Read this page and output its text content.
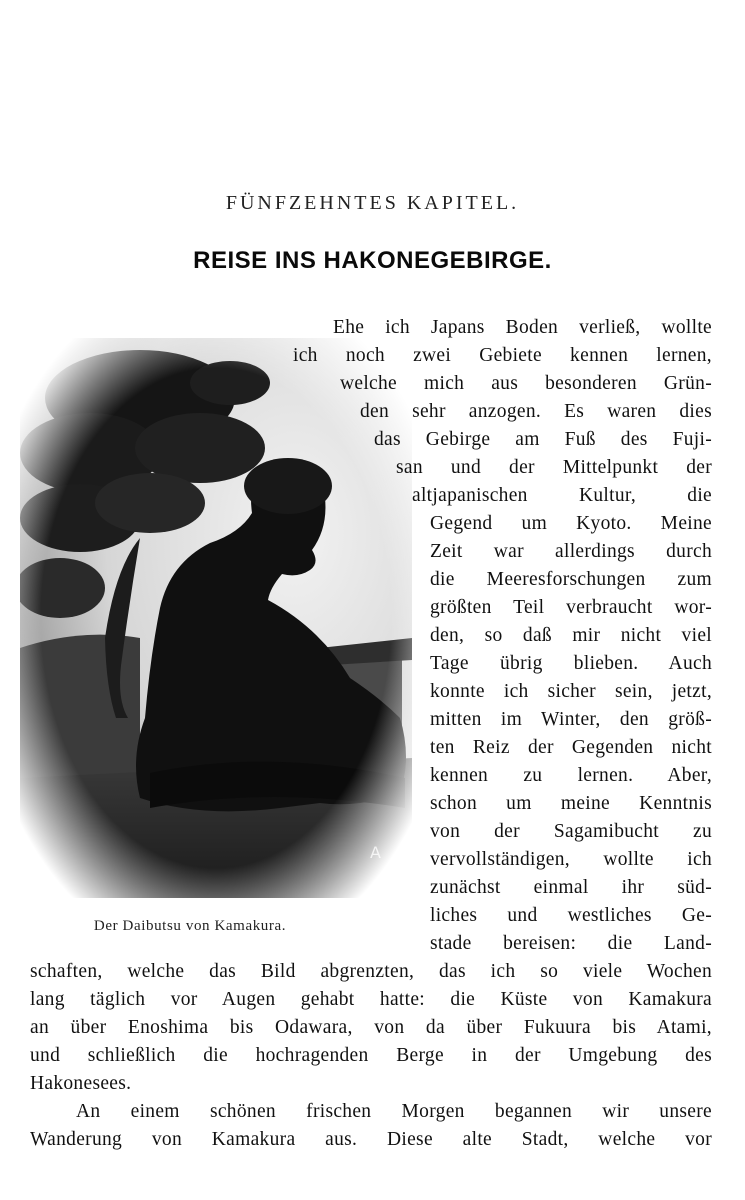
FÜNFZEHNTES KAPITEL.
REISE INS HAKONEGEBIRGE.
Der Daibutsu von Kamakura.
Ehe ich Japans Boden verließ, wollte
ich noch zwei Gebiete kennen lernen,
welche mich aus besonderen Grün-
den sehr anzogen. Es waren dies
das Gebirge am Fuß des Fuji-
san und der Mittelpunkt der
altjapanischen Kultur, die
Gegend um Kyoto. Meine
Zeit war allerdings durch
die Meeresforschungen zum
größten Teil verbraucht wor-
den, so daß mir nicht viel
Tage übrig blieben. Auch
konnte ich sicher sein, jetzt,
mitten im Winter, den größ-
ten Reiz der Gegenden nicht
kennen zu lernen. Aber,
schon um meine Kenntnis
von der Sagamibucht zu
vervollständigen, wollte ich
zunächst einmal ihr süd-
liches und westliches Ge-
stade bereisen: die Land-
schaften, welche das Bild abgrenzten, das ich so viele Wochen
lang täglich vor Augen gehabt hatte: die Küste von Kamakura
an über Enoshima bis Odawara, von da über Fukuura bis Atami,
und schließlich die hochragenden Berge in der Umgebung des
Hakonesees.
An einem schönen frischen Morgen begannen wir unsere
Wanderung von Kamakura aus. Diese alte Stadt, welche vor
